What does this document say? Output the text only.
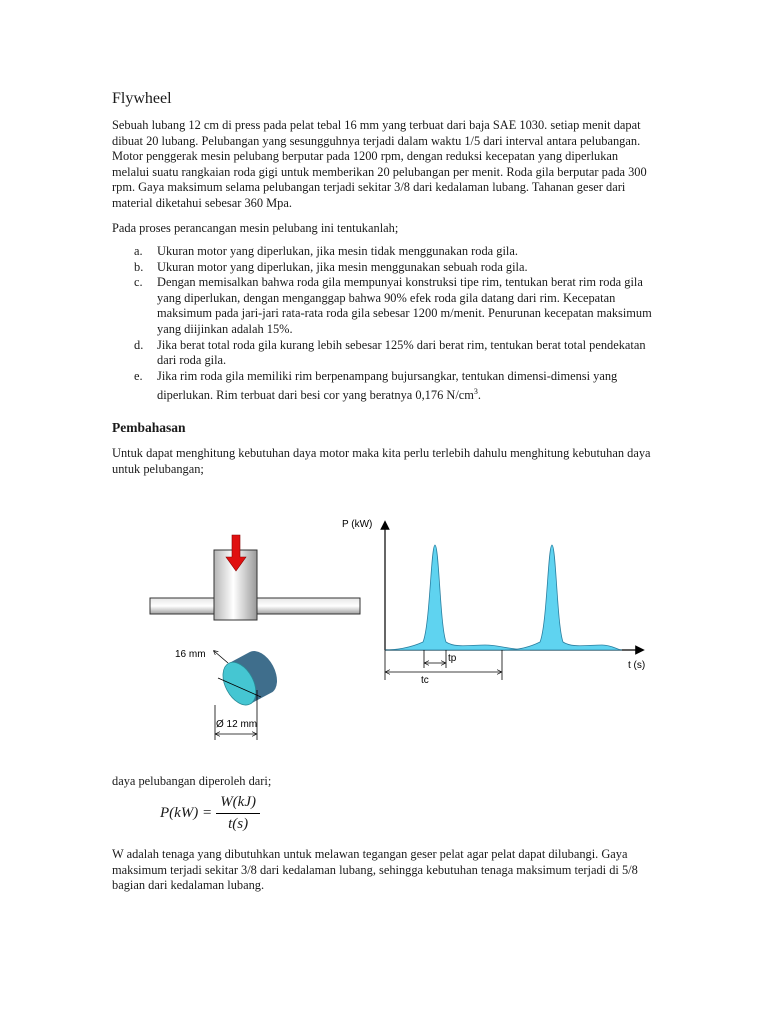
Flywheel

Sebuah lubang 12 cm di press pada pelat tebal 16 mm yang terbuat dari baja SAE 1030. setiap menit dapat dibuat 20 lubang. Pelubangan yang sesungguhnya terjadi dalam waktu 1/5 dari interval antara pelubangan. Motor penggerak mesin pelubang berputar pada 1200 rpm, dengan reduksi kecepatan yang diperlukan melalui suatu rangkaian roda gigi untuk memberikan 20 pelubangan per menit. Roda gila berputar pada 300 rpm. Gaya maksimum selama pelubangan terjadi sekitar 3/8 dari kedalaman lubang. Tahanan geser dari material diketahui sebesar 360 Mpa.

Pada proses perancangan mesin pelubang ini tentukanlah;

a. Ukuran motor yang diperlukan, jika mesin tidak menggunakan roda gila.
b. Ukuran motor yang diperlukan, jika mesin menggunakan sebuah roda gila.
c. Dengan memisalkan bahwa roda gila mempunyai konstruksi tipe rim, tentukan berat rim roda gila yang diperlukan, dengan menganggap bahwa 90% efek roda gila datang dari rim. Kecepatan maksimum pada jari-jari rata-rata roda gila sebesar 1200 m/menit. Penurunan kecepatan maksimum yang diijinkan adalah 15%.
d. Jika berat total roda gila kurang lebih sebesar 125% dari berat rim, tentukan berat total pendekatan dari roda gila.
e. Jika rim roda gila memiliki rim berpenampang bujursangkar, tentukan dimensi-dimensi yang diperlukan. Rim terbuat dari besi cor yang beratnya 0,176 $N/cm^3$.
Pembahasan

Untuk dapat menghitung kebutuhan daya motor maka kita perlu terlebih dahulu menghitung kebutuhan daya untuk pelubangan;

daya pelubangan diperoleh dari;

W adalah tenaga yang dibutuhkan untuk melawan tegangan geser pelat agar pelat dapat dilubangi. Gaya maksimum terjadi sekitar 3/8 dari kedalaman lubang, sehingga kebutuhan tenaga maksimum terjadi di 5/8 bagian dari kedalaman lubang.

16 mm
Ø 12 mm
P (kW)
t (s)
tp
tc
$P(kW) = \frac{W(kJ)}{t(s)}$
